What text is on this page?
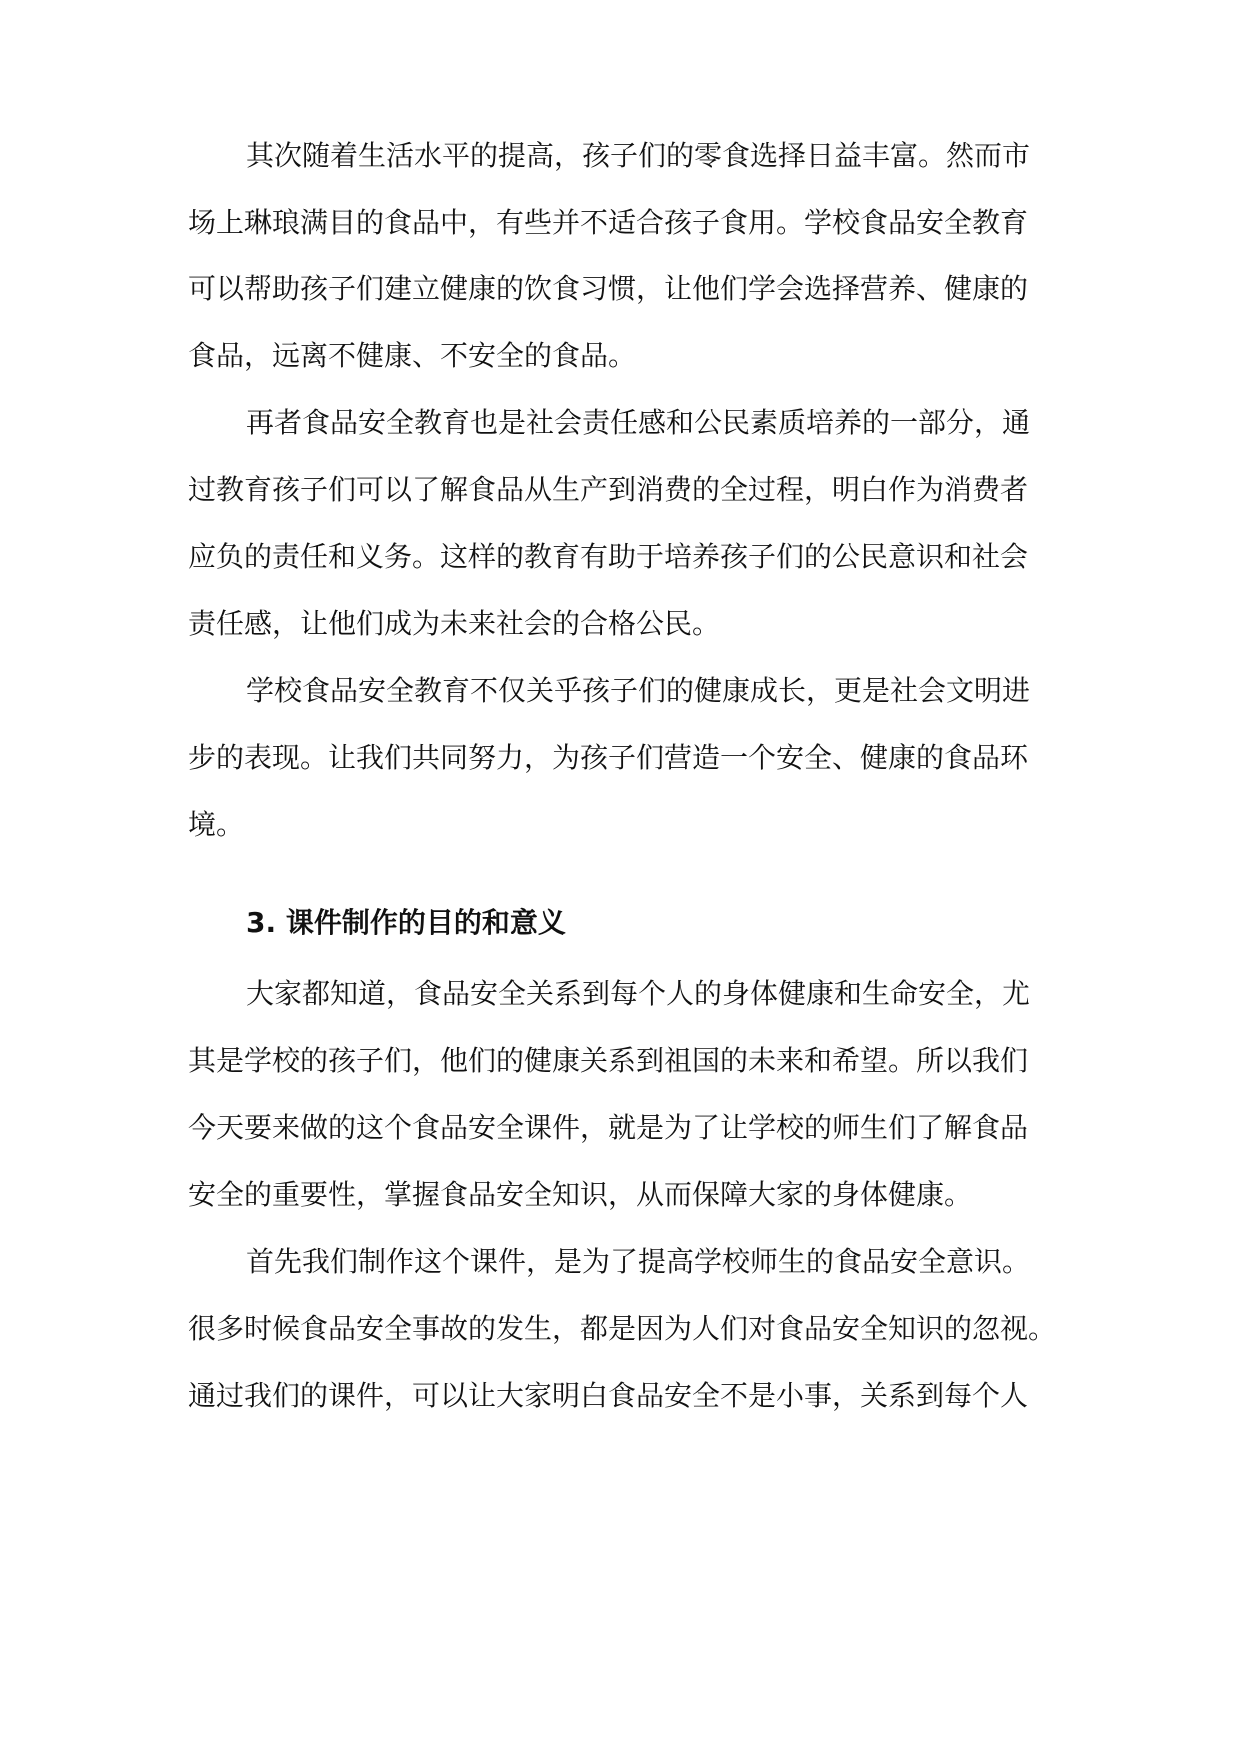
其次随着生活水平的提高，孩子们的零食选择日益丰富。然而市
场上琳琅满目的食品中，有些并不适合孩子食用。学校食品安全教育
可以帮助孩子们建立健康的饮食习惯，让他们学会选择营养、健康的
食品，远离不健康、不安全的食品。
再者食品安全教育也是社会责任感和公民素质培养的一部分，通
过教育孩子们可以了解食品从生产到消费的全过程，明白作为消费者
应负的责任和义务。这样的教育有助于培养孩子们的公民意识和社会
责任感，让他们成为未来社会的合格公民。
学校食品安全教育不仅关乎孩子们的健康成长，更是社会文明进
步的表现。让我们共同努力，为孩子们营造一个安全、健康的食品环
境。
3. 课件制作的目的和意义
大家都知道，食品安全关系到每个人的身体健康和生命安全，尤
其是学校的孩子们，他们的健康关系到祖国的未来和希望。所以我们
今天要来做的这个食品安全课件，就是为了让学校的师生们了解食品
安全的重要性，掌握食品安全知识，从而保障大家的身体健康。
首先我们制作这个课件，是为了提高学校师生的食品安全意识。
很多时候食品安全事故的发生，都是因为人们对食品安全知识的忽视。
通过我们的课件，可以让大家明白食品安全不是小事，关系到每个人
